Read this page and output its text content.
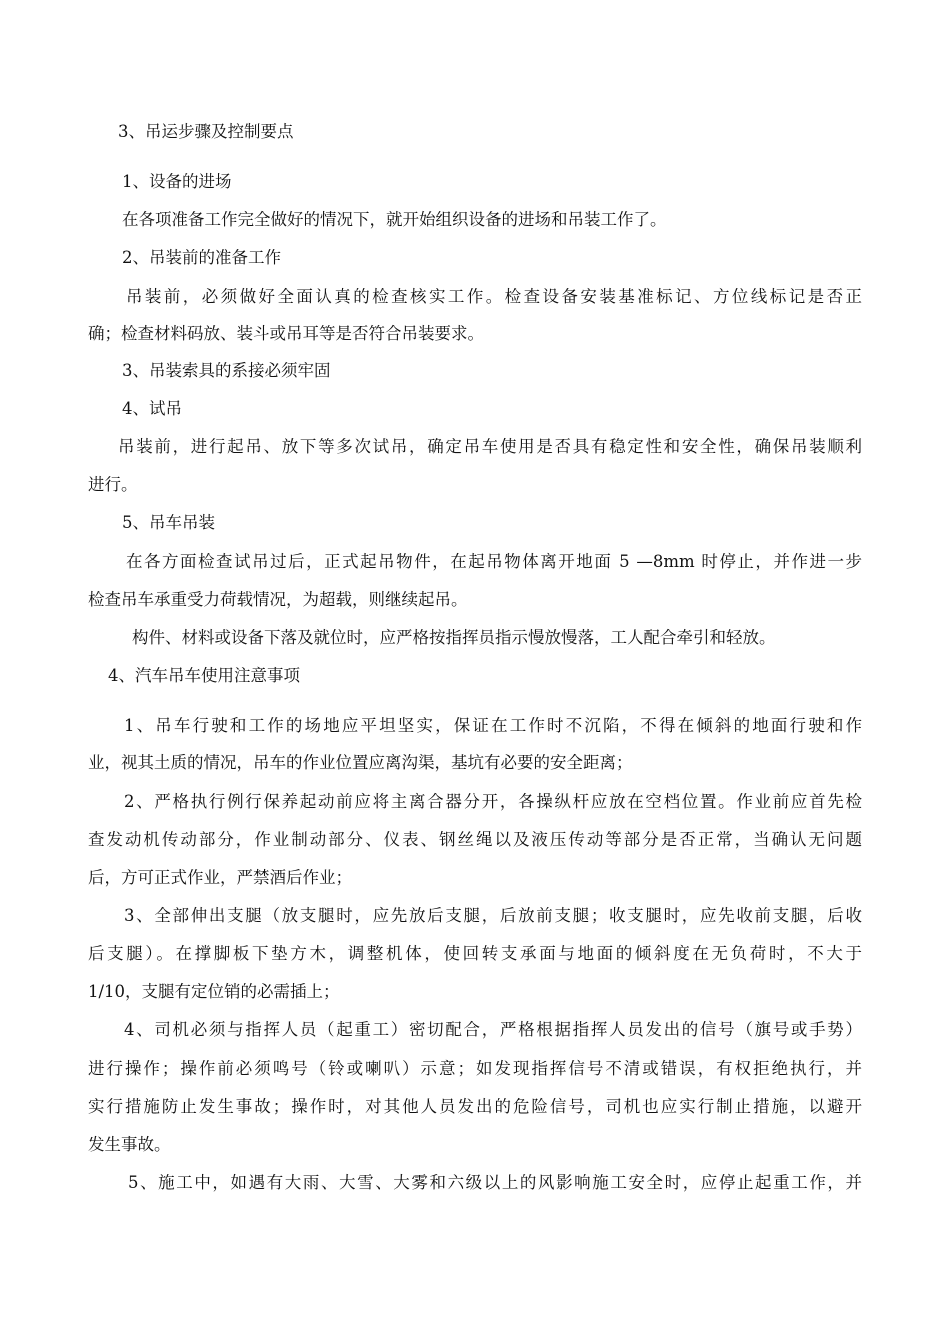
3、吊运步骤及控制要点
1、设备的进场
在各项准备工作完全做好的情况下，就开始组织设备的进场和吊装工作了。
2、吊装前的准备工作
吊装前，必须做好全面认真的检查核实工作。检查设备安装基准标记、方位线标记是否正
确；检查材料码放、装斗或吊耳等是否符合吊装要求。
3、吊装索具的系接必须牢固
4、试吊
吊装前，进行起吊、放下等多次试吊，确定吊车使用是否具有稳定性和安全性，确保吊装顺利
进行。
5、吊车吊装
在各方面检查试吊过后，正式起吊物件，在起吊物体离开地面 5 —8mm 时停止，并作进一步
检查吊车承重受力荷载情况，为超载，则继续起吊。
构件、材料或设备下落及就位时，应严格按指挥员指示慢放慢落，工人配合牵引和轻放。
4、汽车吊车使用注意事项
1、吊车行驶和工作的场地应平坦坚实，保证在工作时不沉陷，不得在倾斜的地面行驶和作
业，视其土质的情况，吊车的作业位置应离沟渠，基坑有必要的安全距离；
2、严格执行例行保养起动前应将主离合器分开，各操纵杆应放在空档位置。作业前应首先检
查发动机传动部分，作业制动部分、仪表、钢丝绳以及液压传动等部分是否正常，当确认无问题
后，方可正式作业，严禁酒后作业；
3、全部伸出支腿（放支腿时，应先放后支腿，后放前支腿；收支腿时，应先收前支腿，后收
后支腿）。在撑脚板下垫方木，调整机体，使回转支承面与地面的倾斜度在无负荷时，不大于
1/10，支腿有定位销的必需插上；
4、司机必须与指挥人员（起重工）密切配合，严格根据指挥人员发出的信号（旗号或手势）
进行操作；操作前必须鸣号（铃或喇叭）示意；如发现指挥信号不清或错误，有权拒绝执行，并
实行措施防止发生事故；操作时，对其他人员发出的危险信号，司机也应实行制止措施，以避开
发生事故。
5、施工中，如遇有大雨、大雪、大雾和六级以上的风影响施工安全时，应停止起重工作，并
